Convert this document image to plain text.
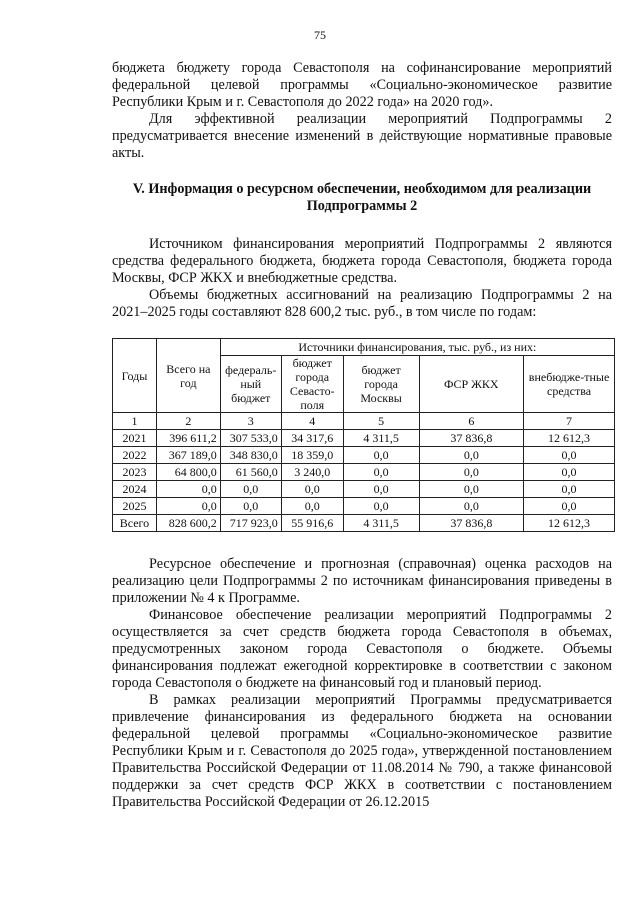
75

бюджета бюджету города Севастополя на софинансирование мероприятий федеральной целевой программы «Социально-экономическое развитие Республики Крым и г. Севастополя до 2022 года» на 2020 год».

Для эффективной реализации мероприятий Подпрограммы 2 предусматривается внесение изменений в действующие нормативные правовые акты.

V. Информация о ресурсном обеспечении, необходимом для реализации Подпрограммы 2

Источником финансирования мероприятий Подпрограммы 2 являются средства федерального бюджета, бюджета города Севастополя, бюджета города Москвы, ФСР ЖКХ и внебюджетные средства.

Объемы бюджетных ассигнований на реализацию Подпрограммы 2 на 2021–2025 годы составляют 828 600,2 тыс. руб., в том числе по годам:

Годы	Всего на год	Источники финансирования, тыс. руб., из них:				
		федераль-ный бюджет	бюджет города Севасто-поля	бюджет города Москвы	ФСР ЖКХ	внебюдже-тные средства
1	2	3	4	5	6	7
2021	396 611,2	307 533,0	34 317,6	4 311,5	37 836,8	12 612,3
2022	367 189,0	348 830,0	18 359,0	0,0	0,0	0,0
2023	64 800,0	61 560,0	3 240,0	0,0	0,0	0,0
2024	0,0	0,0	0,0	0,0	0,0	0,0
2025	0,0	0,0	0,0	0,0	0,0	0,0
Всего	828 600,2	717 923,0	55 916,6	4 311,5	37 836,8	12 612,3

Ресурсное обеспечение и прогнозная (справочная) оценка расходов на реализацию цели Подпрограммы 2 по источникам финансирования приведены в приложении № 4 к Программе.

Финансовое обеспечение реализации мероприятий Подпрограммы 2 осуществляется за счет средств бюджета города Севастополя в объемах, предусмотренных законом города Севастополя о бюджете. Объемы финансирования подлежат ежегодной корректировке в соответствии с законом города Севастополя о бюджете на финансовый год и плановый период.

В рамках реализации мероприятий Программы предусматривается привлечение финансирования из федерального бюджета на основании федеральной целевой программы «Социально-экономическое развитие Республики Крым и г. Севастополя до 2025 года», утвержденной постановлением Правительства Российской Федерации от 11.08.2014 № 790, а также финансовой поддержки за счет средств ФСР ЖКХ в соответствии с постановлением Правительства Российской Федерации от 26.12.2015
